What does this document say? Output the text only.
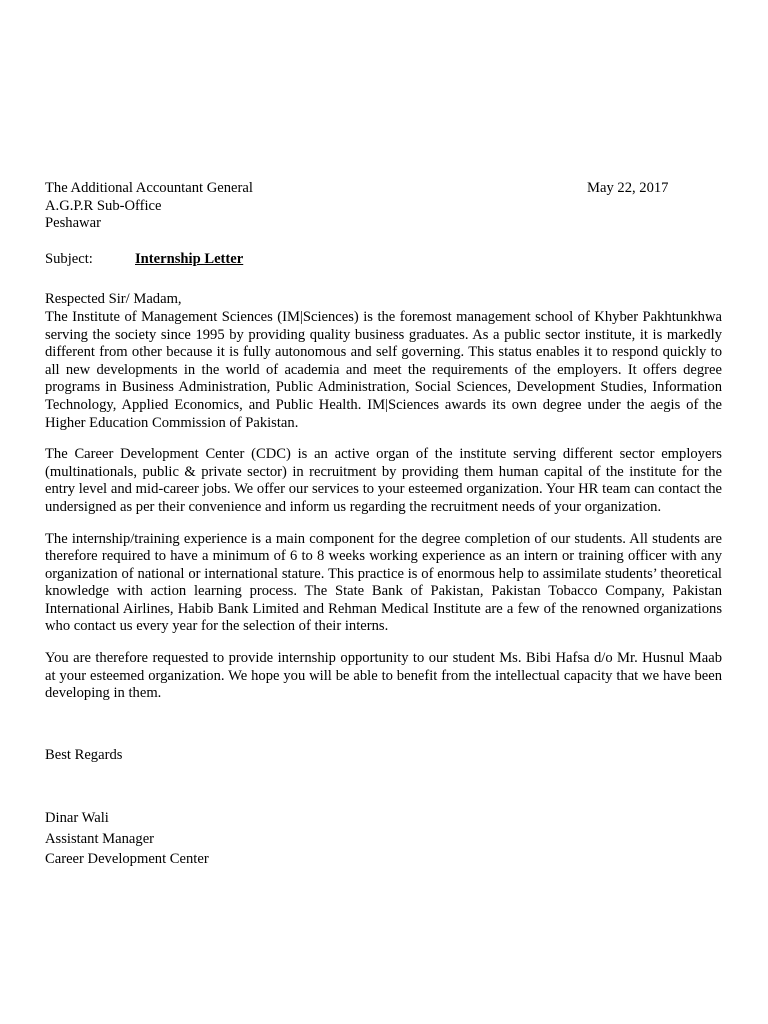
The Additional Accountant General
A.G.P.R Sub-Office
Peshawar
May 22, 2017
Subject:	Internship Letter
Respected Sir/ Madam,

The Institute of Management Sciences (IM|Sciences) is the foremost management school of Khyber Pakhtunkhwa serving the society since 1995 by providing quality business graduates. As a public sector institute, it is markedly different from other because it is fully autonomous and self governing. This status enables it to respond quickly to all new developments in the world of academia and meet the requirements of the employers. It offers degree programs in Business Administration, Public Administration, Social Sciences, Development Studies, Information Technology, Applied Economics, and Public Health. IM|Sciences awards its own degree under the aegis of the Higher Education Commission of Pakistan.

The Career Development Center (CDC) is an active organ of the institute serving different sector employers (multinationals, public & private sector) in recruitment by providing them human capital of the institute for the entry level and mid-career jobs. We offer our services to your esteemed organization. Your HR team can contact the undersigned as per their convenience and inform us regarding the recruitment needs of your organization.

The internship/training experience is a main component for the degree completion of our students. All students are therefore required to have a minimum of 6 to 8 weeks working experience as an intern or training officer with any organization of national or international stature. This practice is of enormous help to assimilate students’ theoretical knowledge with action learning process. The State Bank of Pakistan, Pakistan Tobacco Company, Pakistan International Airlines, Habib Bank Limited and Rehman Medical Institute are a few of the renowned organizations who contact us every year for the selection of their interns.

You are therefore requested to provide internship opportunity to our student Ms. Bibi Hafsa d/o Mr. Husnul Maab at your esteemed organization. We hope you will be able to benefit from the intellectual capacity that we have been developing in them.

Best Regards
Dinar Wali
Assistant Manager
Career Development Center
